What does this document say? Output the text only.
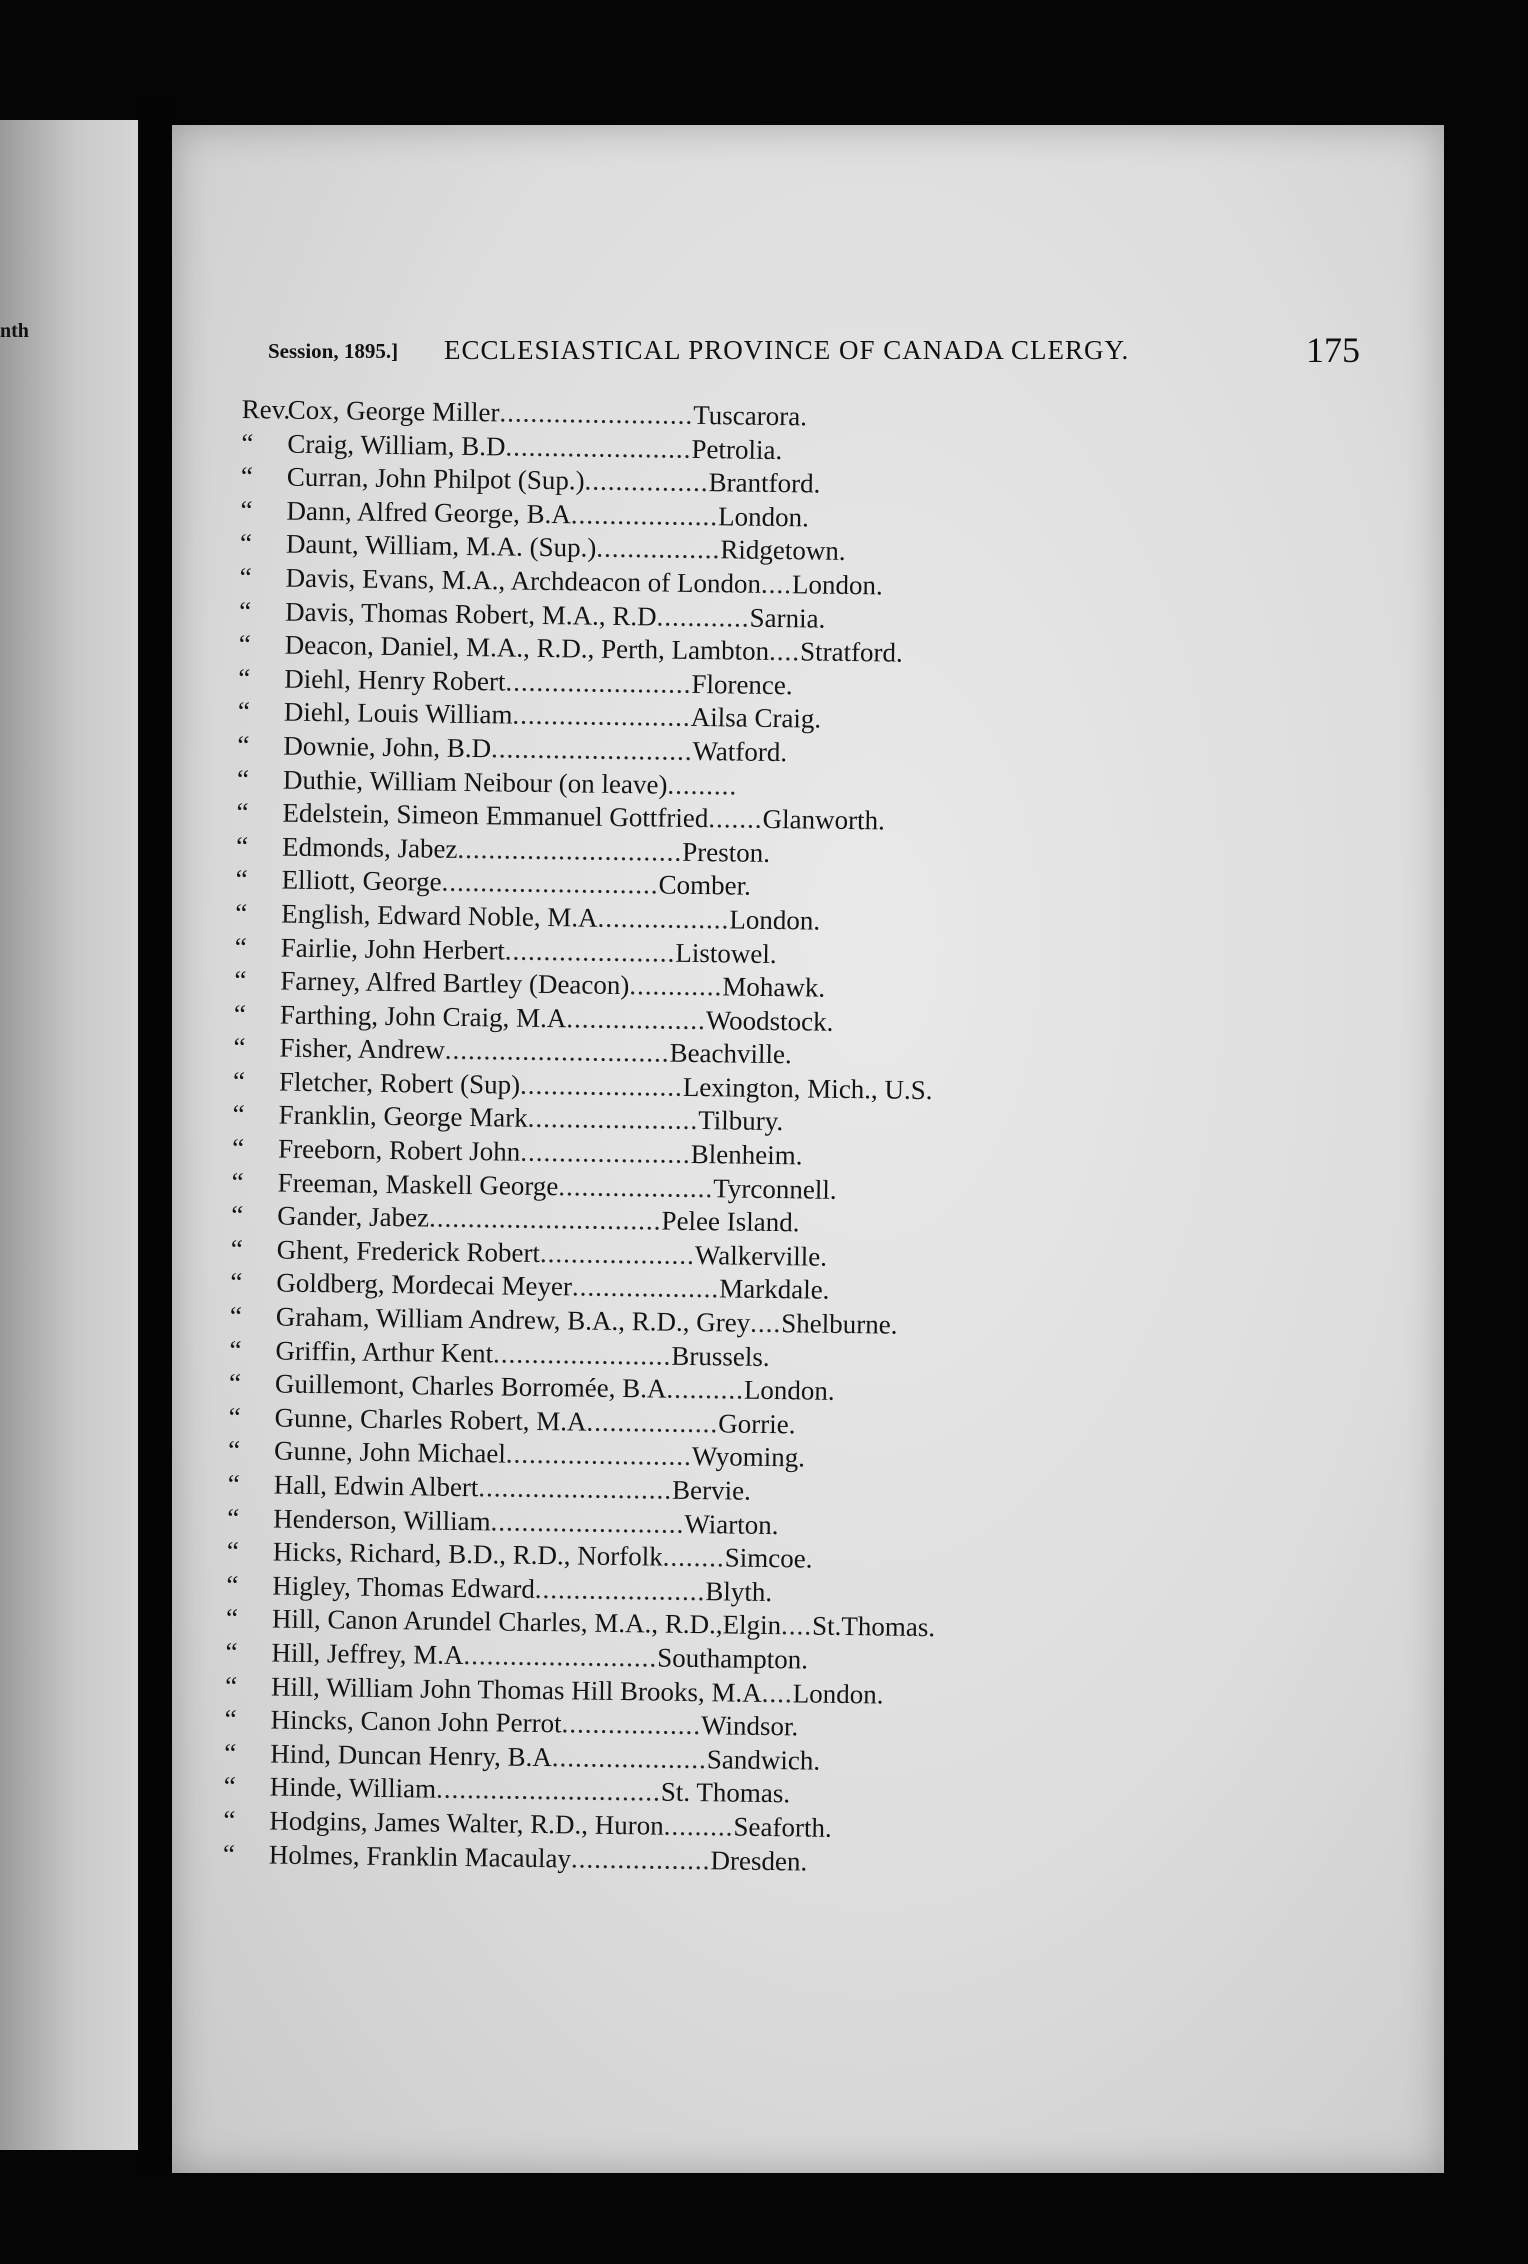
nth
Session, 1895.] ECCLESIASTICAL PROVINCE OF CANADA CLERGY.	175
Rev.Cox, George Miller.........................Tuscarora.
“ Craig, William, B.D........................Petrolia.
“ Curran, John Philpot (Sup.)................Brantford.
“ Dann, Alfred George, B.A...................London.
“ Daunt, William, M.A. (Sup.)................Ridgetown.
“ Davis, Evans, M.A., Archdeacon of London....London.
“ Davis, Thomas Robert, M.A., R.D............Sarnia.
“ Deacon, Daniel, M.A., R.D., Perth, Lambton....Stratford.
“ Diehl, Henry Robert........................Florence.
“ Diehl, Louis William.......................Ailsa Craig.
“ Downie, John, B.D..........................Watford.
“ Duthie, William Neibour (on leave).........
“ Edelstein, Simeon Emmanuel Gottfried.......Glanworth.
“ Edmonds, Jabez.............................Preston.
“ Elliott, George............................Comber.
“ English, Edward Noble, M.A.................London.
“ Fairlie, John Herbert......................Listowel.
“ Farney, Alfred Bartley (Deacon)............Mohawk.
“ Farthing, John Craig, M.A..................Woodstock.
“ Fisher, Andrew.............................Beachville.
“ Fletcher, Robert (Sup).....................Lexington, Mich., U.S.
“ Franklin, George Mark......................Tilbury.
“ Freeborn, Robert John......................Blenheim.
“ Freeman, Maskell George....................Tyrconnell.
“ Gander, Jabez..............................Pelee Island.
“ Ghent, Frederick Robert....................Walkerville.
“ Goldberg, Mordecai Meyer...................Markdale.
“ Graham, William Andrew, B.A., R.D., Grey....Shelburne.
“ Griffin, Arthur Kent.......................Brussels.
“ Guillemont, Charles Borromée, B.A..........London.
“ Gunne, Charles Robert, M.A.................Gorrie.
“ Gunne, John Michael........................Wyoming.
“ Hall, Edwin Albert.........................Bervie.
“ Henderson, William.........................Wiarton.
“ Hicks, Richard, B.D., R.D., Norfolk........Simcoe.
“ Higley, Thomas Edward......................Blyth.
“ Hill, Canon Arundel Charles, M.A., R.D.,Elgin....St.Thomas.
“ Hill, Jeffrey, M.A.........................Southampton.
“ Hill, William John Thomas Hill Brooks, M.A....London.
“ Hincks, Canon John Perrot..................Windsor.
“ Hind, Duncan Henry, B.A....................Sandwich.
“ Hinde, William.............................St. Thomas.
“ Hodgins, James Walter, R.D., Huron.........Seaforth.
“ Holmes, Franklin Macaulay..................Dresden.
